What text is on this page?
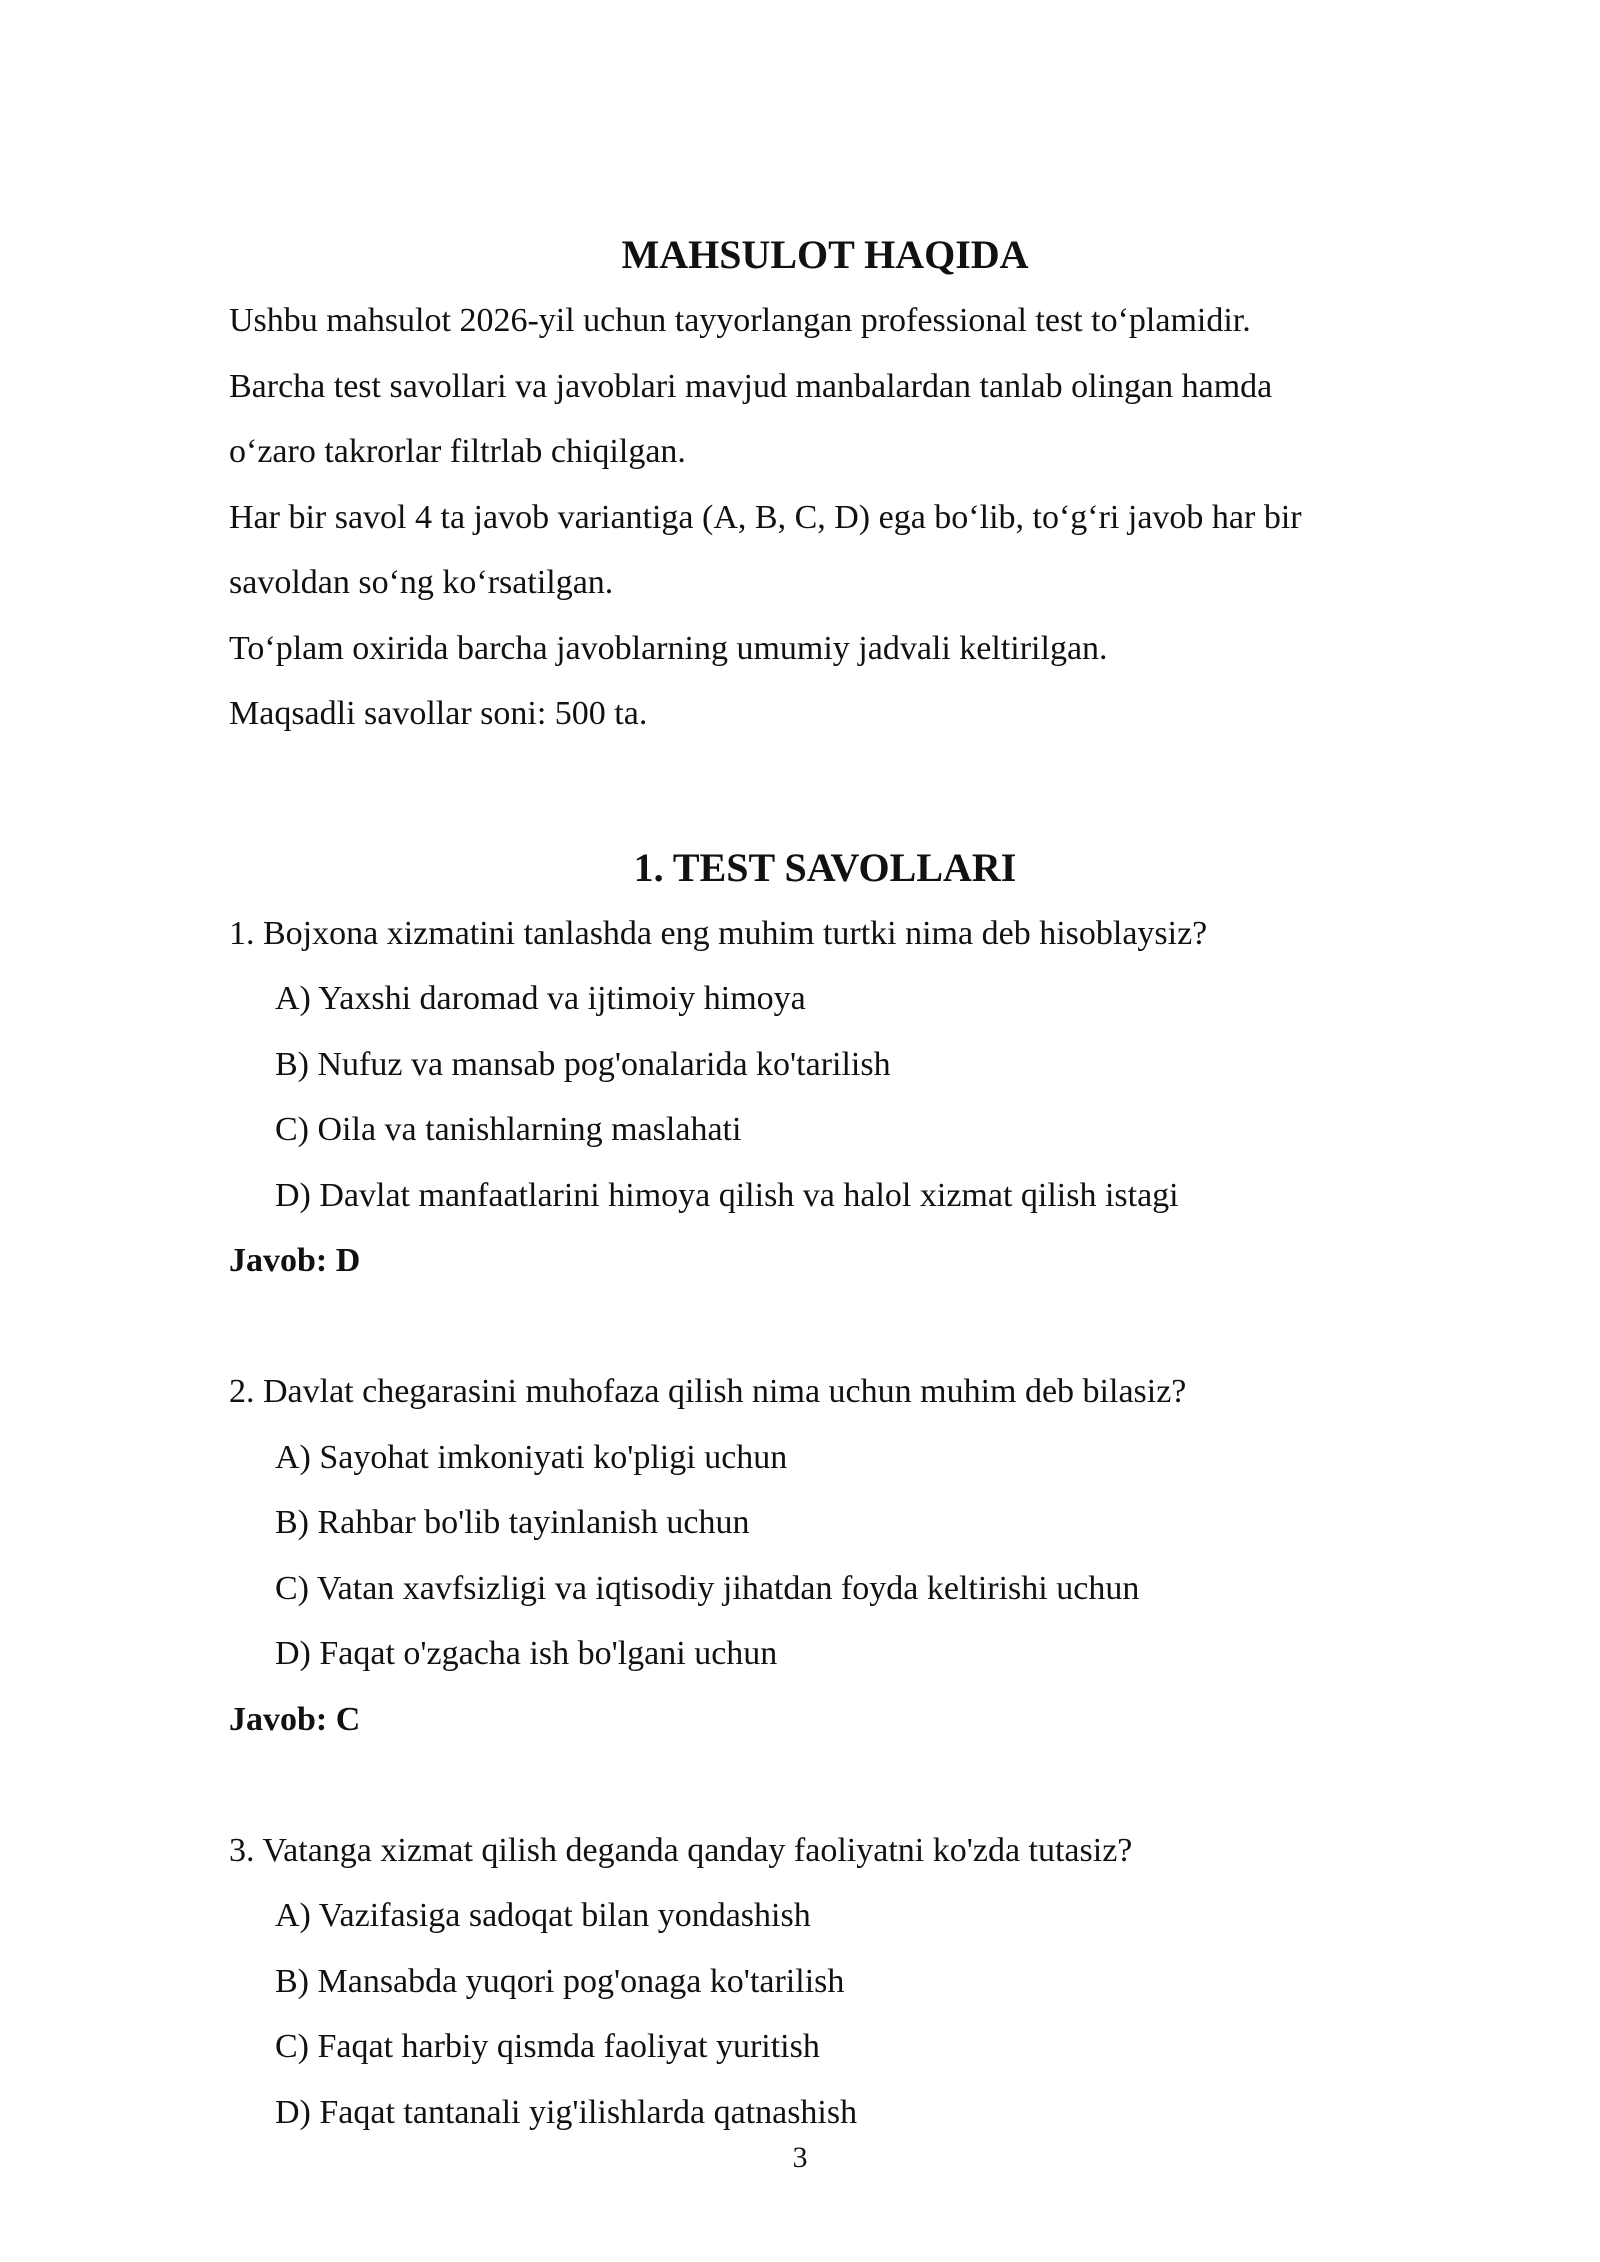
MAHSULOT HAQIDA
Ushbu mahsulot 2026-yil uchun tayyorlangan professional test to‘plamidir.
Barcha test savollari va javoblari mavjud manbalardan tanlab olingan hamda
o‘zaro takrorlar filtrlab chiqilgan.
Har bir savol 4 ta javob variantiga (A, B, C, D) ega bo‘lib, to‘g‘ri javob har bir
savoldan so‘ng ko‘rsatilgan.
To‘plam oxirida barcha javoblarning umumiy jadvali keltirilgan.
Maqsadli savollar soni: 500 ta.
1. TEST SAVOLLARI
1. Bojxona xizmatini tanlashda eng muhim turtki nima deb hisoblaysiz?
A) Yaxshi daromad va ijtimoiy himoya
B) Nufuz va mansab pog'onalarida ko'tarilish
C) Oila va tanishlarning maslahati
D) Davlat manfaatlarini himoya qilish va halol xizmat qilish istagi
Javob: D
2. Davlat chegarasini muhofaza qilish nima uchun muhim deb bilasiz?
A) Sayohat imkoniyati ko'pligi uchun
B) Rahbar bo'lib tayinlanish uchun
C) Vatan xavfsizligi va iqtisodiy jihatdan foyda keltirishi uchun
D) Faqat o'zgacha ish bo'lgani uchun
Javob: C
3. Vatanga xizmat qilish deganda qanday faoliyatni ko'zda tutasiz?
A) Vazifasiga sadoqat bilan yondashish
B) Mansabda yuqori pog'onaga ko'tarilish
C) Faqat harbiy qismda faoliyat yuritish
D) Faqat tantanali yig'ilishlarda qatnashish
3
